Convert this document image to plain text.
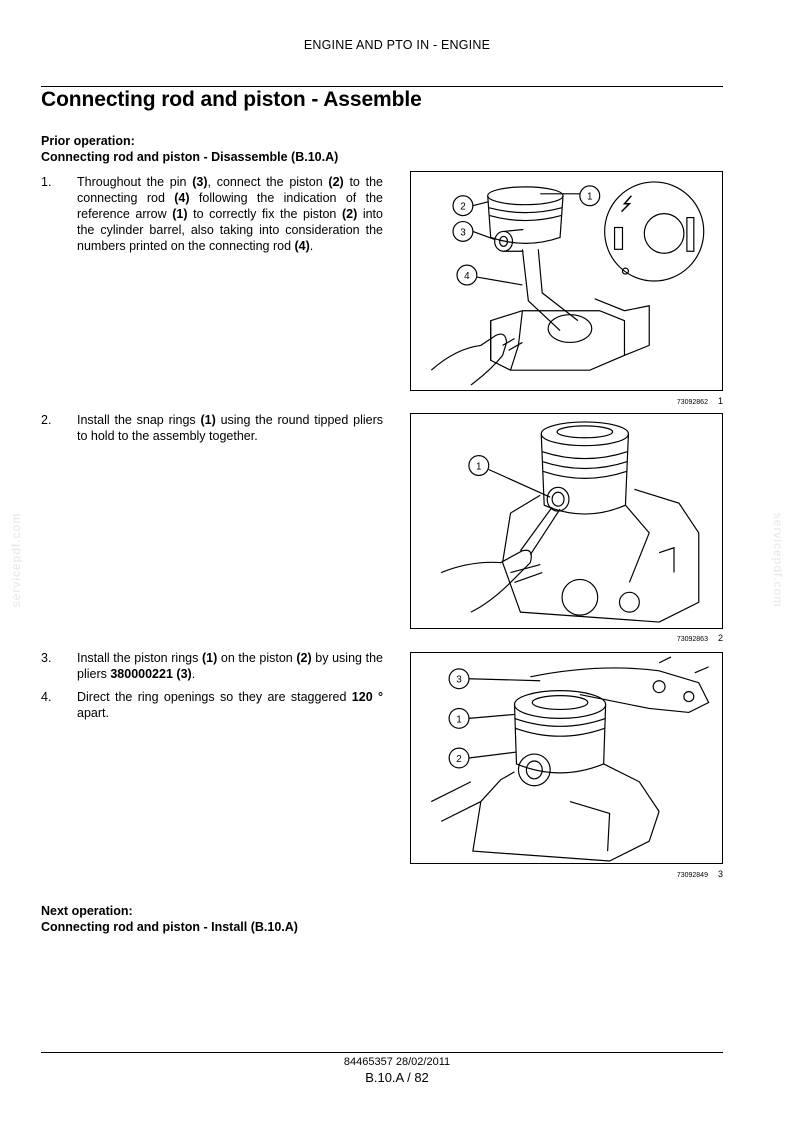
ENGINE AND PTO IN - ENGINE
Connecting rod and piston - Assemble
Prior operation:
Connecting rod and piston - Disassemble (B.10.A)
1.	Throughout the pin (3), connect the piston (2) to the connecting rod (4) following the indication of the reference arrow (1) to correctly fix the piston (2) into the cylinder barrel, also taking into consideration the numbers printed on the connecting rod (4).
2.	Install the snap rings (1) using the round tipped pliers to hold to the assembly together.
3.	Install the piston rings (1) on the piston (2) by using the pliers 380000221 (3).
4.	Direct the ring openings so they are staggered 120 ° apart.
2
3
1
4
73092862 1
1
73092863 2
3
1
2
73092849 3
Next operation:
Connecting rod and piston - Install (B.10.A)
servicepdf.com	servicepdf.com
84465357 28/02/2011
B.10.A / 82
